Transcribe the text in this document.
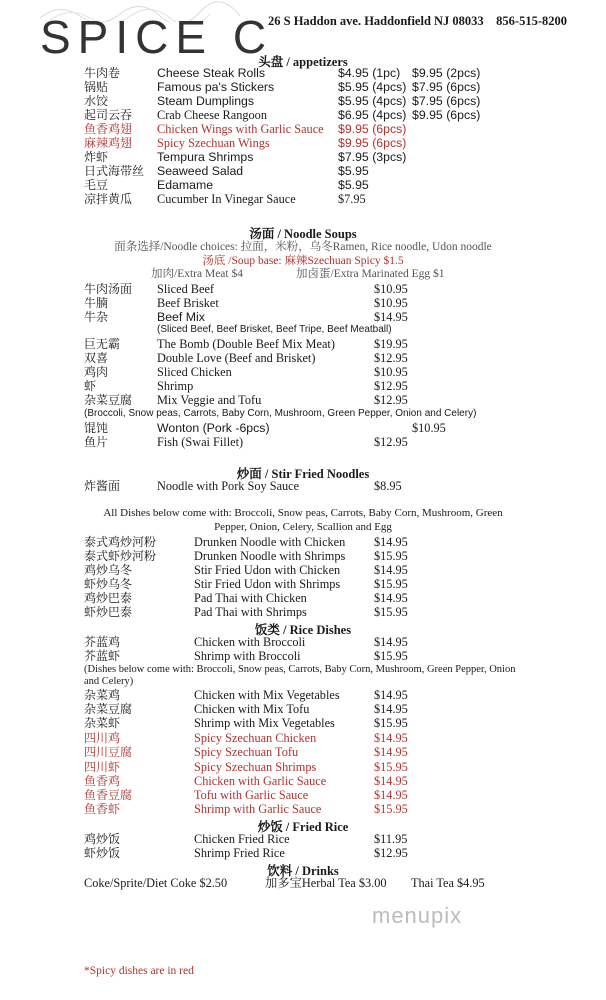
SPICE C
26 S Haddon ave. Haddonfield NJ 08033 856-515-8200
头盘 / appetizers
牛肉卷	Cheese Steak Rolls	$4.95 (1pc) $9.95 (2pcs)
锅贴	Famous pa's Stickers	$5.95 (4pcs) $7.95 (6pcs)
水饺	Steam Dumplings	$5.95 (4pcs) $7.95 (6pcs)
起司云吞 Crab Cheese Rangoon	$6.95 (4pcs) $9.95 (6pcs)
鱼香鸡翅 Chicken Wings with Garlic Sauce $9.95 (6pcs)
麻辣鸡翅 Spicy Szechuan Wings	$9.95 (6pcs)
炸虾	Tempura Shrimps	$7.95 (3pcs)
日式海带丝 Seaweed Salad	$5.95
毛豆	Edamame	$5.95
凉拌黄瓜 Cucumber In Vinegar Sauce	$7.95
汤面 / Noodle Soups
面条选择/Noodle choices: 拉面，米粉，乌冬Ramen, Rice noodle, Udon noodle
汤底 /Soup base: 麻辣Szechuan Spicy $1.5
加肉/Extra Meat $4	加卤蛋/Extra Marinated Egg $1
牛肉汤面 Sliced Beef	$10.95
牛腩	Beef Brisket	$10.95
牛杂	Beef Mix	$14.95
(Sliced Beef, Beef Brisket, Beef Tripe, Beef Meatball)
巨无霸	The Bomb (Double Beef Mix Meat)	$19.95
双喜	Double Love (Beef and Brisket)	$12.95
鸡肉	Sliced Chicken	$10.95
虾	Shrimp	$12.95
杂菜豆腐 Mix Veggie and Tofu	$12.95
(Broccoli, Snow peas, Carrots, Baby Corn, Mushroom, Green Pepper, Onion and Celery)
馄饨	Wonton (Pork -6pcs)	$10.95
鱼片	Fish (Swai Fillet)	$12.95
炒面 / Stir Fried Noodles
炸酱面	Noodle with Pork Soy Sauce	$8.95
All Dishes below come with: Broccoli, Snow peas, Carrots, Baby Corn, Mushroom, Green
Pepper, Onion, Celery, Scallion and Egg
泰式鸡炒河粉	Drunken Noodle with Chicken $14.95
泰式虾炒河粉	Drunken Noodle with Shrimps $15.95
鸡炒乌冬	Stir Fried Udon with Chicken	$14.95
虾炒乌冬	Stir Fried Udon with Shrimps	$15.95
鸡炒巴泰	Pad Thai with Chicken	$14.95
虾炒巴泰	Pad Thai with Shrimps	$15.95
饭类 / Rice Dishes
芥蓝鸡	Chicken with Broccoli	$14.95
芥蓝虾	Shrimp with Broccoli	$15.95
(Dishes below come with: Broccoli, Snow peas, Carrots, Baby Corn, Mushroom, Green Pepper, Onion
and Celery)
杂菜鸡	Chicken with Mix Vegetables	$14.95
杂菜豆腐	Chicken with Mix Tofu	$14.95
杂菜虾	Shrimp with Mix Vegetables	$15.95
四川鸡	Spicy Szechuan Chicken	$14.95
四川豆腐	Spicy Szechuan Tofu	$14.95
四川虾	Spicy Szechuan Shrimps	$15.95
鱼香鸡	Chicken with Garlic Sauce	$14.95
鱼香豆腐	Tofu with Garlic Sauce	$14.95
鱼香虾	Shrimp with Garlic Sauce	$15.95
炒饭 / Fried Rice
鸡炒饭	Chicken Fried Rice	$11.95
虾炒饭	Shrimp Fried Rice	$12.95
饮料 / Drinks
Coke/Sprite/Diet Coke $2.50	加多宝Herbal Tea $3.00 Thai Tea $4.95
menupix
*Spicy dishes are in red
